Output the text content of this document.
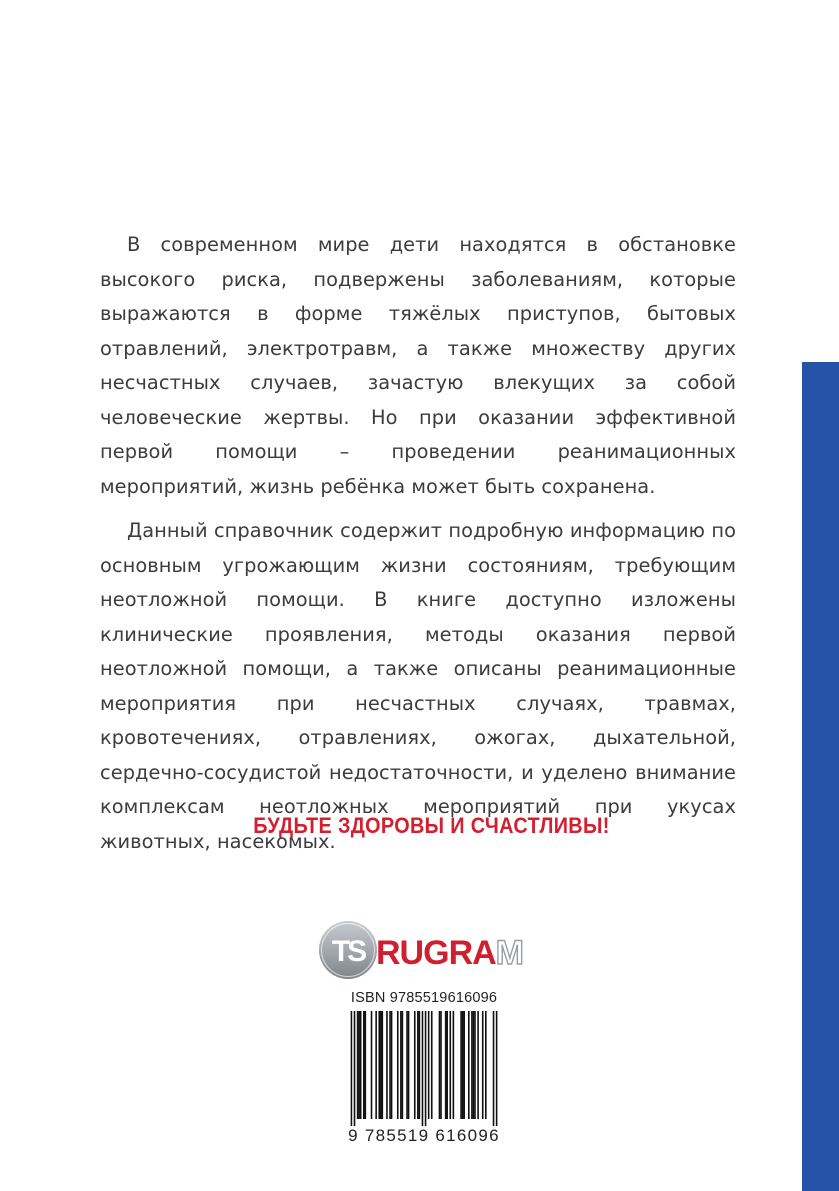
В современном мире дети находятся в обстановке высокого риска, подвержены заболеваниям, которые выражаются в форме тяжёлых приступов, бытовых отравлений, электротравм, а также множеству других несчастных случаев, зачастую влекущих за собой человеческие жертвы. Но при оказании эффективной первой помощи – проведении реанимационных мероприятий, жизнь ребёнка может быть сохранена.

Данный справочник содержит подробную информацию по основным угрожающим жизни состояниям, требующим неотложной помощи. В книге доступно изложены клинические проявления, методы оказания первой неотложной помощи, а также описаны реанимационные мероприятия при несчастных случаях, травмах, кровотечениях, отравлениях, ожогах, дыхательной, сердечно-сосудистой недостаточности, и уделено внимание комплексам неотложных мероприятий при укусах животных, насекомых.

БУДЬТЕ ЗДОРОВЫ И СЧАСТЛИВЫ!
TS RUGRAM
ISBN 9785519616096
9 785519 616096
